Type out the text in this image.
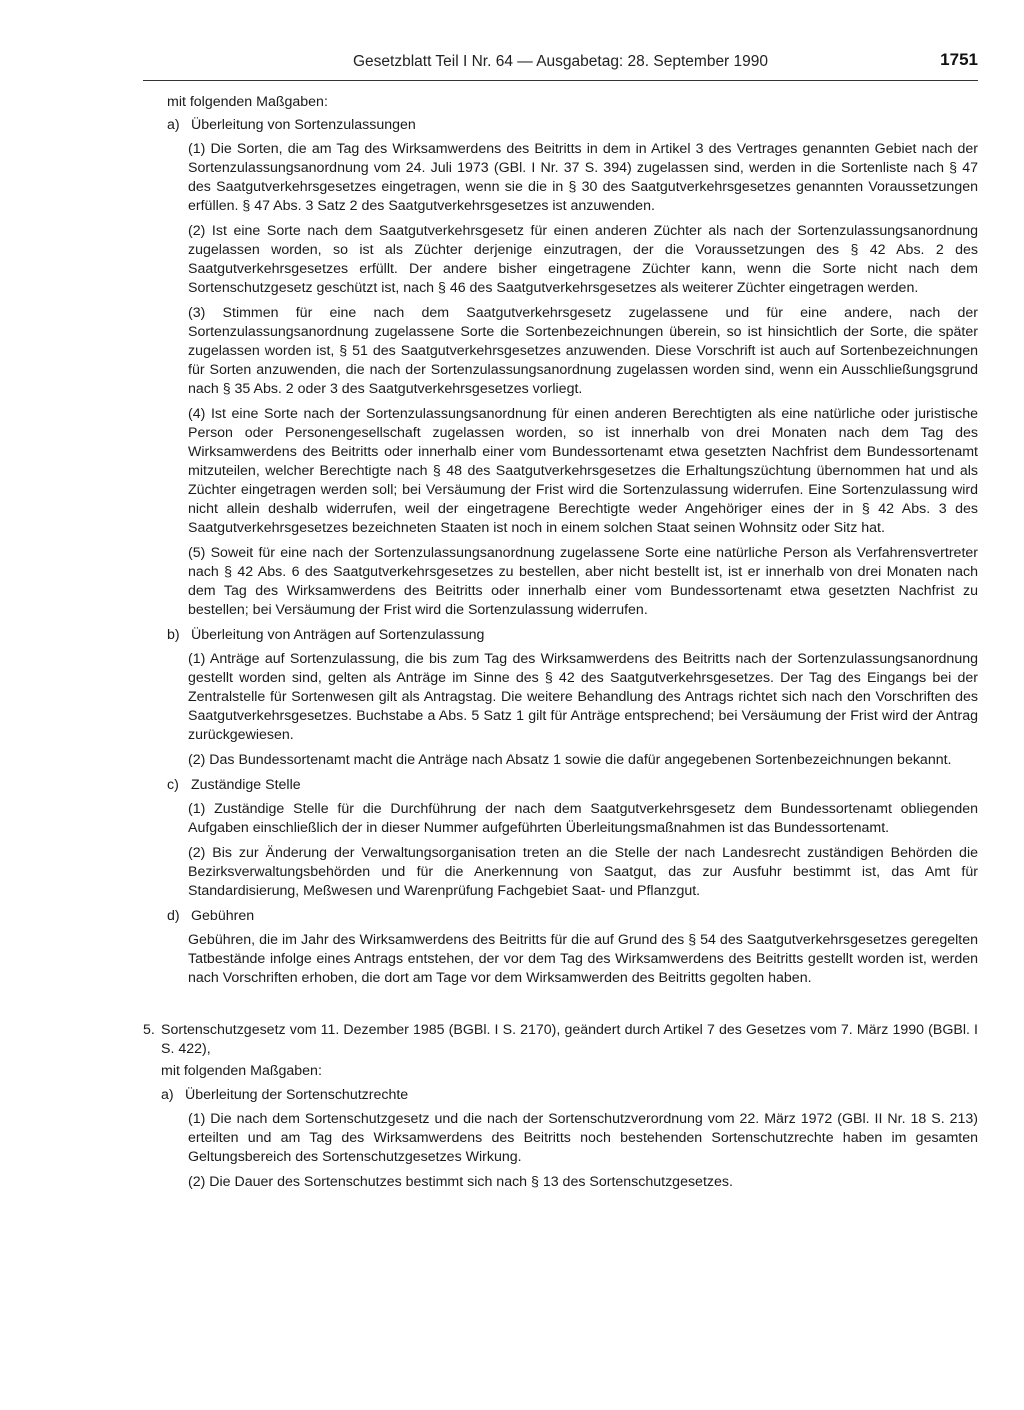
Gesetzblatt Teil I Nr. 64 — Ausgabetag: 28. September 1990	1751

mit folgenden Maßgaben:

a) Überleitung von Sortenzulassungen

(1) Die Sorten, die am Tag des Wirksamwerdens des Beitritts in dem in Artikel 3 des Vertrages genannten Gebiet nach der Sortenzulassungsanordnung vom 24. Juli 1973 (GBl. I Nr. 37 S. 394) zugelassen sind, werden in die Sortenliste nach § 47 des Saatgutverkehrsgesetzes eingetragen, wenn sie die in § 30 des Saatgutverkehrsgesetzes genannten Voraussetzungen erfüllen. § 47 Abs. 3 Satz 2 des Saatgutverkehrsgesetzes ist anzuwenden.

(2) Ist eine Sorte nach dem Saatgutverkehrsgesetz für einen anderen Züchter als nach der Sortenzulassungsanordnung zugelassen worden, so ist als Züchter derjenige einzutragen, der die Voraussetzungen des § 42 Abs. 2 des Saatgutverkehrsgesetzes erfüllt. Der andere bisher eingetragene Züchter kann, wenn die Sorte nicht nach dem Sortenschutzgesetz geschützt ist, nach § 46 des Saatgutverkehrsgesetzes als weiterer Züchter eingetragen werden.

(3) Stimmen für eine nach dem Saatgutverkehrsgesetz zugelassene und für eine andere, nach der Sortenzulassungsanordnung zugelassene Sorte die Sortenbezeichnungen überein, so ist hinsichtlich der Sorte, die später zugelassen worden ist, § 51 des Saatgutverkehrsgesetzes anzuwenden. Diese Vorschrift ist auch auf Sortenbezeichnungen für Sorten anzuwenden, die nach der Sortenzulassungsanordnung zugelassen worden sind, wenn ein Ausschließungsgrund nach § 35 Abs. 2 oder 3 des Saatgutverkehrsgesetzes vorliegt.

(4) Ist eine Sorte nach der Sortenzulassungsanordnung für einen anderen Berechtigten als eine natürliche oder juristische Person oder Personengesellschaft zugelassen worden, so ist innerhalb von drei Monaten nach dem Tag des Wirksamwerdens des Beitritts oder innerhalb einer vom Bundessortenamt etwa gesetzten Nachfrist dem Bundessortenamt mitzuteilen, welcher Berechtigte nach § 48 des Saatgutverkehrsgesetzes die Erhaltungszüchtung übernommen hat und als Züchter eingetragen werden soll; bei Versäumung der Frist wird die Sortenzulassung widerrufen. Eine Sortenzulassung wird nicht allein deshalb widerrufen, weil der eingetragene Berechtigte weder Angehöriger eines der in § 42 Abs. 3 des Saatgutverkehrsgesetzes bezeichneten Staaten ist noch in einem solchen Staat seinen Wohnsitz oder Sitz hat.

(5) Soweit für eine nach der Sortenzulassungsanordnung zugelassene Sorte eine natürliche Person als Verfahrensvertreter nach § 42 Abs. 6 des Saatgutverkehrsgesetzes zu bestellen, aber nicht bestellt ist, ist er innerhalb von drei Monaten nach dem Tag des Wirksamwerdens des Beitritts oder innerhalb einer vom Bundessortenamt etwa gesetzten Nachfrist zu bestellen; bei Versäumung der Frist wird die Sortenzulassung widerrufen.

b) Überleitung von Anträgen auf Sortenzulassung

(1) Anträge auf Sortenzulassung, die bis zum Tag des Wirksamwerdens des Beitritts nach der Sortenzulassungsanordnung gestellt worden sind, gelten als Anträge im Sinne des § 42 des Saatgutverkehrsgesetzes. Der Tag des Eingangs bei der Zentralstelle für Sortenwesen gilt als Antragstag. Die weitere Behandlung des Antrags richtet sich nach den Vorschriften des Saatgutverkehrsgesetzes. Buchstabe a Abs. 5 Satz 1 gilt für Anträge entsprechend; bei Versäumung der Frist wird der Antrag zurückgewiesen.

(2) Das Bundessortenamt macht die Anträge nach Absatz 1 sowie die dafür angegebenen Sortenbezeichnungen bekannt.

c) Zuständige Stelle

(1) Zuständige Stelle für die Durchführung der nach dem Saatgutverkehrsgesetz dem Bundessortenamt obliegenden Aufgaben einschließlich der in dieser Nummer aufgeführten Überleitungsmaßnahmen ist das Bundessortenamt.

(2) Bis zur Änderung der Verwaltungsorganisation treten an die Stelle der nach Landesrecht zuständigen Behörden die Bezirksverwaltungsbehörden und für die Anerkennung von Saatgut, das zur Ausfuhr bestimmt ist, das Amt für Standardisierung, Meßwesen und Warenprüfung Fachgebiet Saat- und Pflanzgut.

d) Gebühren

Gebühren, die im Jahr des Wirksamwerdens des Beitritts für die auf Grund des § 54 des Saatgutverkehrsgesetzes geregelten Tatbestände infolge eines Antrags entstehen, der vor dem Tag des Wirksamwerdens des Beitritts gestellt worden ist, werden nach Vorschriften erhoben, die dort am Tage vor dem Wirksamwerden des Beitritts gegolten haben.

5. Sortenschutzgesetz vom 11. Dezember 1985 (BGBl. I S. 2170), geändert durch Artikel 7 des Gesetzes vom 7. März 1990 (BGBl. I S. 422),

mit folgenden Maßgaben:

a) Überleitung der Sortenschutzrechte

(1) Die nach dem Sortenschutzgesetz und die nach der Sortenschutzverordnung vom 22. März 1972 (GBl. II Nr. 18 S. 213) erteilten und am Tag des Wirksamwerdens des Beitritts noch bestehenden Sortenschutzrechte haben im gesamten Geltungsbereich des Sortenschutzgesetzes Wirkung.

(2) Die Dauer des Sortenschutzes bestimmt sich nach § 13 des Sortenschutzgesetzes.
